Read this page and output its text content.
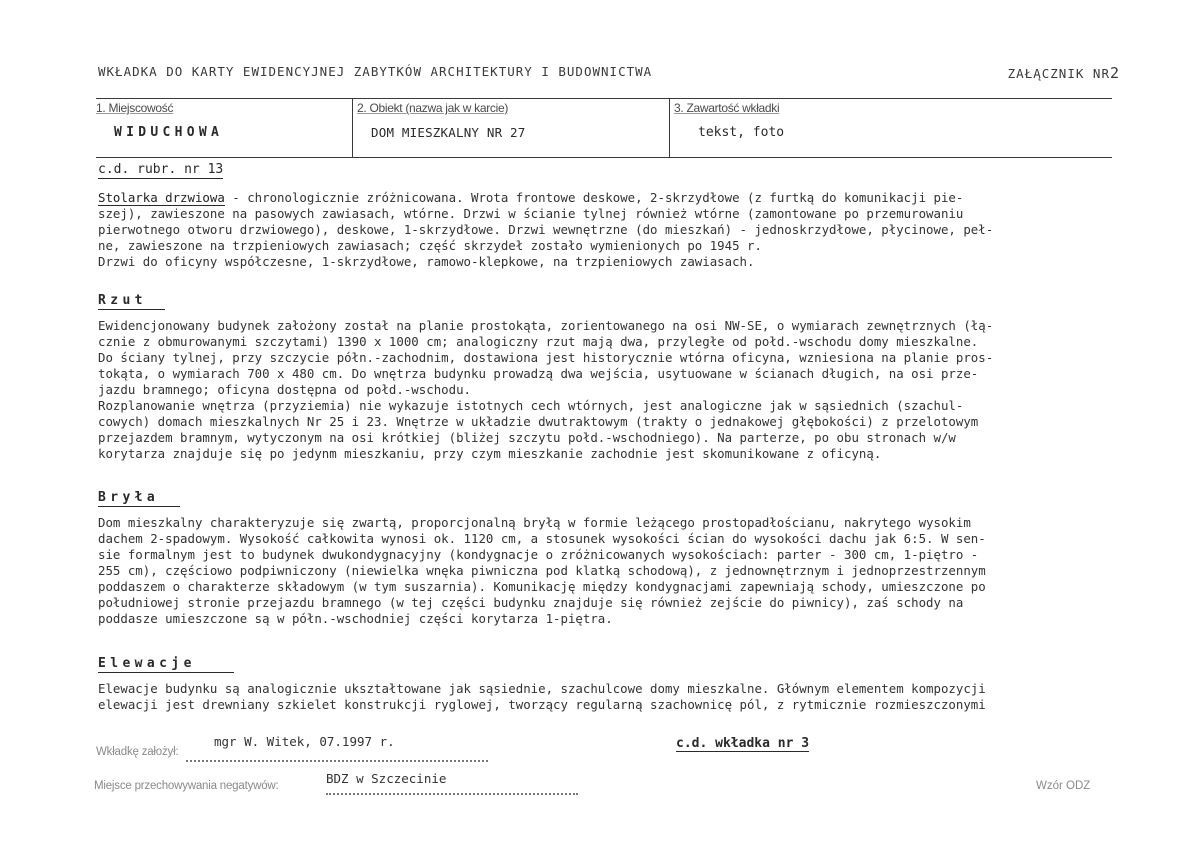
WKŁADKA DO KARTY EWIDENCYJNEJ ZABYTKÓW ARCHITEKTURY I BUDOWNICTWA	ZAŁĄCZNIK NR2
1. Miejscowość
WIDUCHOWA
2. Obiekt (nazwa jak w karcie)
DOM MIESZKALNY NR 27
3. Zawartość wkładki
tekst, foto
c.d. rubr. nr 13
Stolarka drzwiowa - chronologicznie zróżnicowana. Wrota frontowe deskowe, 2-skrzydłowe (z furtką do komunikacji pie-
szej), zawieszone na pasowych zawiasach, wtórne. Drzwi w ścianie tylnej również wtórne (zamontowane po przemurowaniu
pierwotnego otworu drzwiowego), deskowe, 1-skrzydłowe. Drzwi wewnętrzne (do mieszkań) - jednoskrzydłowe, płycinowe, peł-
ne, zawieszone na trzpieniowych zawiasach; część skrzydeł zostało wymienionych po 1945 r.
Drzwi do oficyny współczesne, 1-skrzydłowe, ramowo-klepkowe, na trzpieniowych zawiasach.
Rzut
Ewidencjonowany budynek założony został na planie prostokąta, zorientowanego na osi NW-SE, o wymiarach zewnętrznych (łą-
cznie z obmurowanymi szczytami) 1390 x 1000 cm; analogiczny rzut mają dwa, przyległe od połd.-wschodu domy mieszkalne.
Do ściany tylnej, przy szczycie półn.-zachodnim, dostawiona jest historycznie wtórna oficyna, wzniesiona na planie pros-
tokąta, o wymiarach 700 x 480 cm. Do wnętrza budynku prowadzą dwa wejścia, usytuowane w ścianach długich, na osi prze-
jazdu bramnego; oficyna dostępna od połd.-wschodu.
Rozplanowanie wnętrza (przyziemia) nie wykazuje istotnych cech wtórnych, jest analogiczne jak w sąsiednich (szachul-
cowych) domach mieszkalnych Nr 25 i 23. Wnętrze w układzie dwutraktowym (trakty o jednakowej głębokości) z przelotowym
przejazdem bramnym, wytyczonym na osi krótkiej (bliżej szczytu połd.-wschodniego). Na parterze, po obu stronach w/w
korytarza znajduje się po jedynm mieszkaniu, przy czym mieszkanie zachodnie jest skomunikowane z oficyną.
Bryła
Dom mieszkalny charakteryzuje się zwartą, proporcjonalną bryłą w formie leżącego prostopadłościanu, nakrytego wysokim
dachem 2-spadowym. Wysokość całkowita wynosi ok. 1120 cm, a stosunek wysokości ścian do wysokości dachu jak 6:5. W sen-
sie formalnym jest to budynek dwukondygnacyjny (kondygnacje o zróżnicowanych wysokościach: parter - 300 cm, 1-piętro -
255 cm), częściowo podpiwniczony (niewielka wnęka piwniczna pod klatką schodową), z jednownętrznym i jednoprzestrzennym
poddaszem o charakterze składowym (w tym suszarnia). Komunikację między kondygnacjami zapewniają schody, umieszczone po
południowej stronie przejazdu bramnego (w tej części budynku znajduje się również zejście do piwnicy), zaś schody na
poddasze umieszczone są w półn.-wschodniej części korytarza 1-piętra.
Elewacje
Elewacje budynku są analogicznie ukształtowane jak sąsiednie, szachulcowe domy mieszkalne. Głównym elementem kompozycji
elewacji jest drewniany szkielet konstrukcji ryglowej, tworzący regularną szachownicę pól, z rytmicznie rozmieszczonymi
Wkładkę założył:
mgr W. Witek, 07.1997 r.	c.d. wkładka nr 3
Miejsce przechowywania negatywów:	BDZ w Szczecinie	Wzór ODZ
